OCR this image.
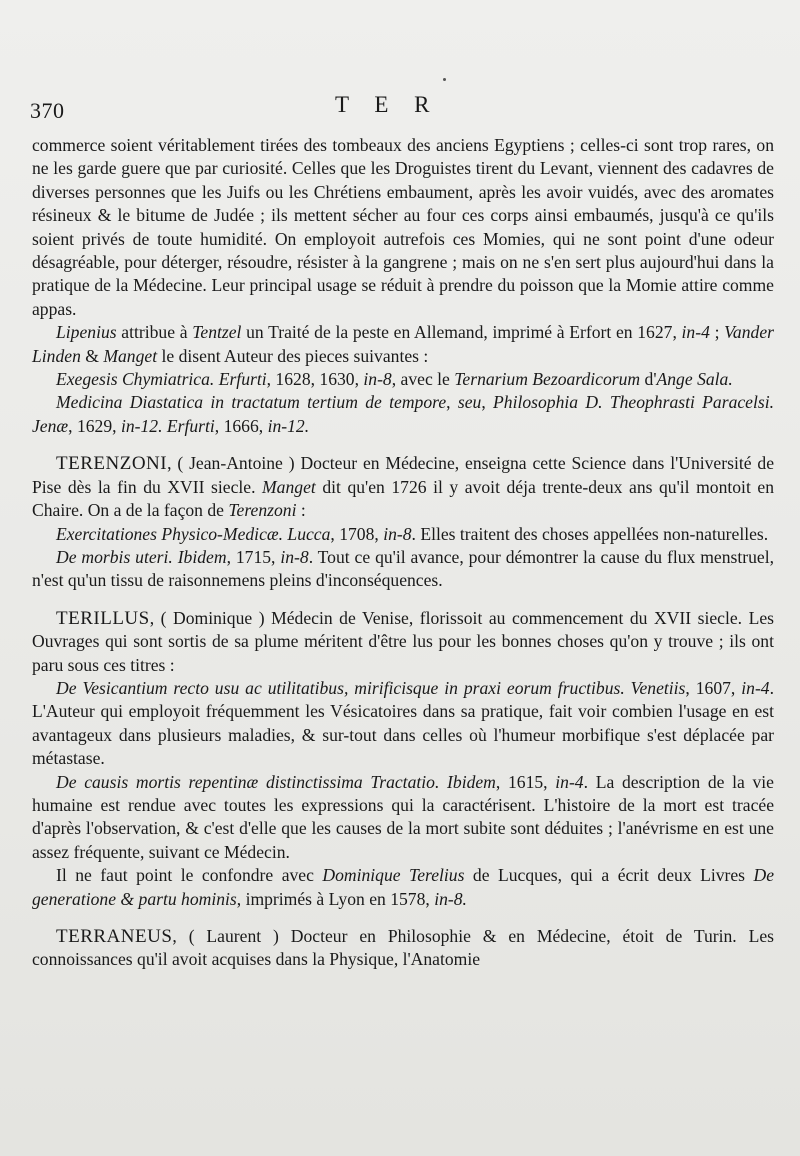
370	T E R

commerce soient véritablement tirées des tombeaux des anciens Egyptiens ; celles-ci sont trop rares, on ne les garde guere que par curiosité. Celles que les Droguistes tirent du Levant, viennent des cadavres de diverses personnes que les Juifs ou les Chrétiens embaument, après les avoir vuidés, avec des aromates résineux & le bitume de Judée ; ils mettent sécher au four ces corps ainsi embaumés, jusqu'à ce qu'ils soient privés de toute humidité. On employoit autrefois ces Momies, qui ne sont point d'une odeur désagréable, pour déterger, résoudre, résister à la gangrene ; mais on ne s'en sert plus aujourd'hui dans la pratique de la Médecine. Leur principal usage se réduit à prendre du poisson que la Momie attire comme appas.

Lipenius attribue à Tentzel un Traité de la peste en Allemand, imprimé à Erfort en 1627, in-4 ; Vander Linden & Manget le disent Auteur des pieces suivantes :

Exegesis Chymiatrica. Erfurti, 1628, 1630, in-8, avec le Ternarium Bezoardicorum d'Ange Sala.

Medicina Diastatica in tractatum tertium de tempore, seu, Philosophia D. Theophrasti Paracelsi. Jenæ, 1629, in-12. Erfurti, 1666, in-12.

TERENZONI, ( Jean-Antoine ) Docteur en Médecine, enseigna cette Science dans l'Université de Pise dès la fin du XVII siecle. Manget dit qu'en 1726 il y avoit déja trente-deux ans qu'il montoit en Chaire. On a de la façon de Terenzoni :

Exercitationes Physico-Medicæ. Lucca, 1708, in-8. Elles traitent des choses appellées non-naturelles.

De morbis uteri. Ibidem, 1715, in-8. Tout ce qu'il avance, pour démontrer la cause du flux menstruel, n'est qu'un tissu de raisonnemens pleins d'inconséquences.

TERILLUS, ( Dominique ) Médecin de Venise, florissoit au commencement du XVII siecle. Les Ouvrages qui sont sortis de sa plume méritent d'être lus pour les bonnes choses qu'on y trouve ; ils ont paru sous ces titres :

De Vesicantium recto usu ac utilitatibus, mirificisque in praxi eorum fructibus. Venetiis, 1607, in-4. L'Auteur qui employoit fréquemment les Vésicatoires dans sa pratique, fait voir combien l'usage en est avantageux dans plusieurs maladies, & sur-tout dans celles où l'humeur morbifique s'est déplacée par métastase.

De causis mortis repentinæ distinctissima Tractatio. Ibidem, 1615, in-4. La description de la vie humaine est rendue avec toutes les expressions qui la caractérisent. L'histoire de la mort est tracée d'après l'observation, & c'est d'elle que les causes de la mort subite sont déduites ; l'anévrisme en est une assez fréquente, suivant ce Médecin.

Il ne faut point le confondre avec Dominique Terelius de Lucques, qui a écrit deux Livres De generatione & partu hominis, imprimés à Lyon en 1578, in-8.

TERRANEUS, ( Laurent ) Docteur en Philosophie & en Médecine, étoit de Turin. Les connoissances qu'il avoit acquises dans la Physique, l'Anatomie
